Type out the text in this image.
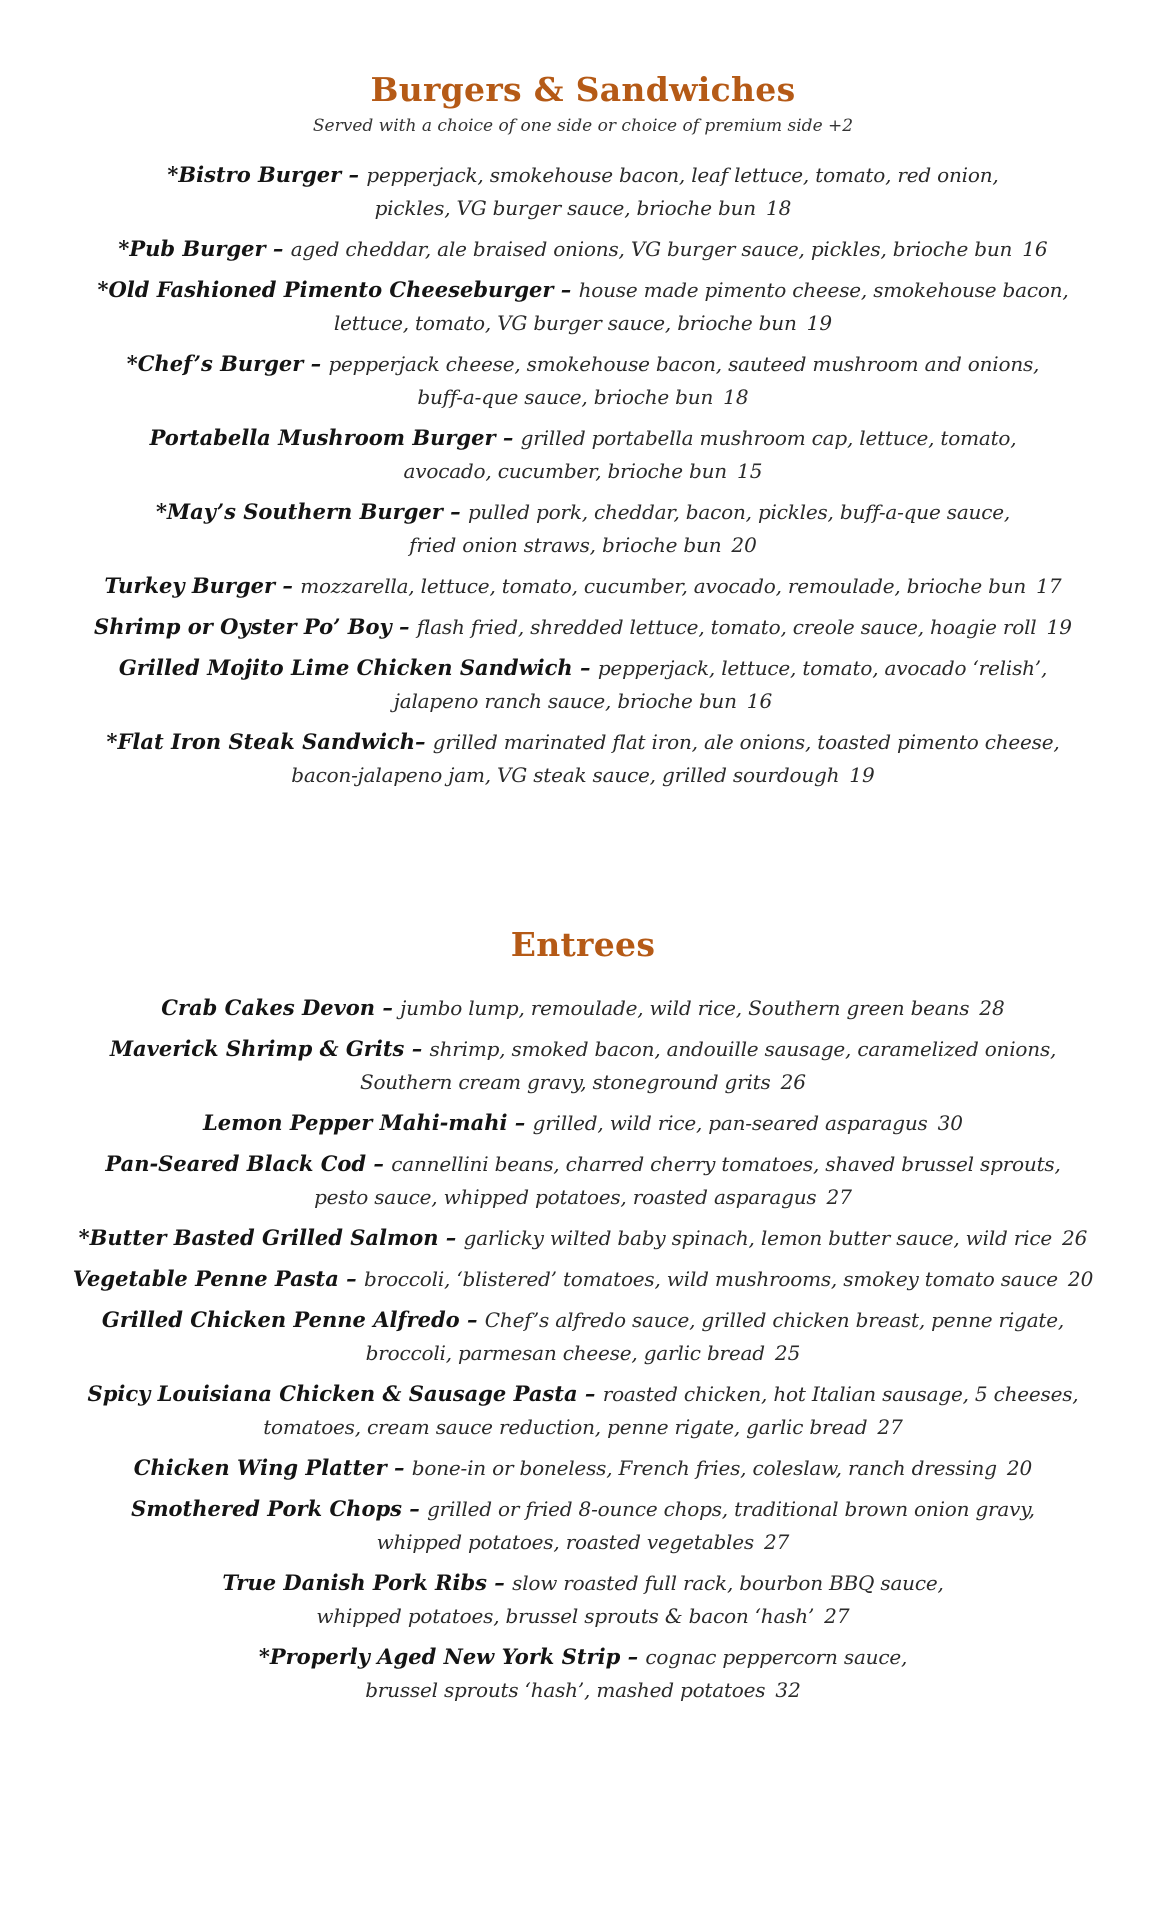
Burgers & Sandwiches

Served with a choice of one side or choice of premium side +2

*Bistro Burger – pepperjack, smokehouse bacon, leaf lettuce, tomato, red onion,
pickles, VG burger sauce, brioche bun 18
*Pub Burger – aged cheddar, ale braised onions, VG burger sauce, pickles, brioche bun 16
*Old Fashioned Pimento Cheeseburger – house made pimento cheese, smokehouse bacon,
lettuce, tomato, VG burger sauce, brioche bun 19
*Chef’s Burger – pepperjack cheese, smokehouse bacon, sauteed mushroom and onions,
buff-a-que sauce, brioche bun 18
Portabella Mushroom Burger – grilled portabella mushroom cap, lettuce, tomato,
avocado, cucumber, brioche bun 15
*May’s Southern Burger – pulled pork, cheddar, bacon, pickles, buff-a-que sauce,
fried onion straws, brioche bun 20
Turkey Burger – mozzarella, lettuce, tomato, cucumber, avocado, remoulade, brioche bun 17
Shrimp or Oyster Po’ Boy – flash fried, shredded lettuce, tomato, creole sauce, hoagie roll 19
Grilled Mojito Lime Chicken Sandwich – pepperjack, lettuce, tomato, avocado ‘relish’,
jalapeno ranch sauce, brioche bun 16
*Flat Iron Steak Sandwich– grilled marinated flat iron, ale onions, toasted pimento cheese,
bacon-jalapeno jam, VG steak sauce, grilled sourdough 19
Entrees
Crab Cakes Devon – jumbo lump, remoulade, wild rice, Southern green beans 28
Maverick Shrimp & Grits – shrimp, smoked bacon, andouille sausage, caramelized onions,
Southern cream gravy, stoneground grits 26
Lemon Pepper Mahi-mahi – grilled, wild rice, pan-seared asparagus 30
Pan-Seared Black Cod – cannellini beans, charred cherry tomatoes, shaved brussel sprouts,
pesto sauce, whipped potatoes, roasted asparagus 27
*Butter Basted Grilled Salmon – garlicky wilted baby spinach, lemon butter sauce, wild rice 26
Vegetable Penne Pasta – broccoli, ‘blistered’ tomatoes, wild mushrooms, smokey tomato sauce 20
Grilled Chicken Penne Alfredo – Chef’s alfredo sauce, grilled chicken breast, penne rigate,
broccoli, parmesan cheese, garlic bread 25
Spicy Louisiana Chicken & Sausage Pasta – roasted chicken, hot Italian sausage, 5 cheeses,
tomatoes, cream sauce reduction, penne rigate, garlic bread 27
Chicken Wing Platter – bone-in or boneless, French fries, coleslaw, ranch dressing 20
Smothered Pork Chops – grilled or fried 8-ounce chops, traditional brown onion gravy,
whipped potatoes, roasted vegetables 27
True Danish Pork Ribs – slow roasted full rack, bourbon BBQ sauce,
whipped potatoes, brussel sprouts & bacon ‘hash’ 27
*Properly Aged New York Strip – cognac peppercorn sauce,
brussel sprouts ‘hash’, mashed potatoes 32
